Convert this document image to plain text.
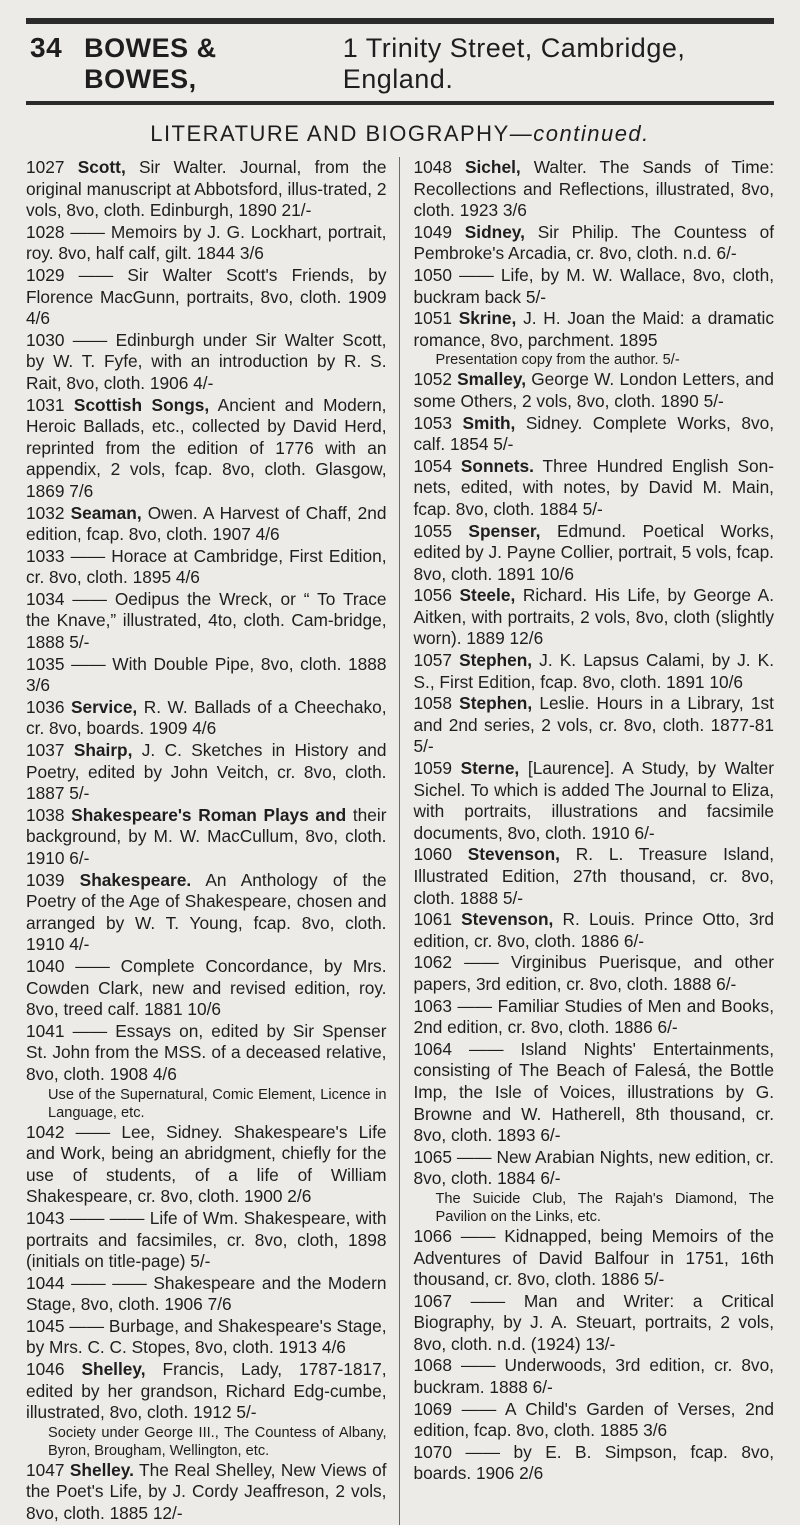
34 BOWES & BOWES,
1 Trinity Street, Cambridge, England.
LITERATURE AND BIOGRAPHY—continued.
1027 Scott, Sir Walter. Journal, from the original manuscript at Abbotsford, illus-trated, 2 vols, 8vo, cloth. Edinburgh, 1890 21/-
1028 —— Memoirs by J. G. Lockhart, portrait, roy. 8vo, half calf, gilt. 1844 3/6
1029 —— Sir Walter Scott's Friends, by Florence MacGunn, portraits, 8vo, cloth. 1909 4/6
1030 —— Edinburgh under Sir Walter Scott, by W. T. Fyfe, with an introduction by R. S. Rait, 8vo, cloth. 1906 4/-
1031 Scottish Songs, Ancient and Modern, Heroic Ballads, etc., collected by David Herd, reprinted from the edition of 1776 with an appendix, 2 vols, fcap. 8vo, cloth. Glasgow, 1869 7/6
1032 Seaman, Owen. A Harvest of Chaff, 2nd edition, fcap. 8vo, cloth. 1907 4/6
1033 —— Horace at Cambridge, First Edition, cr. 8vo, cloth. 1895 4/6
1034 —— Oedipus the Wreck, or “ To Trace the Knave,” illustrated, 4to, cloth. Cam-bridge, 1888 5/-
1035 —— With Double Pipe, 8vo, cloth. 1888 3/6
1036 Service, R. W. Ballads of a Cheechako, cr. 8vo, boards. 1909 4/6
1037 Shairp, J. C. Sketches in History and Poetry, edited by John Veitch, cr. 8vo, cloth. 1887 5/-
1038 Shakespeare's Roman Plays and their background, by M. W. MacCullum, 8vo, cloth. 1910 6/-
1039 Shakespeare. An Anthology of the Poetry of the Age of Shakespeare, chosen and arranged by W. T. Young, fcap. 8vo, cloth. 1910 4/-
1040 —— Complete Concordance, by Mrs. Cowden Clark, new and revised edition, roy. 8vo, treed calf. 1881 10/6
1041 —— Essays on, edited by Sir Spenser St. John from the MSS. of a deceased relative, 8vo, cloth. 1908 4/6
Use of the Supernatural, Comic Element, Licence in Language, etc.
1042 —— Lee, Sidney. Shakespeare's Life and Work, being an abridgment, chiefly for the use of students, of a life of William Shakespeare, cr. 8vo, cloth. 1900 2/6
1043 —— —— Life of Wm. Shakespeare, with portraits and facsimiles, cr. 8vo, cloth, 1898 (initials on title-page) 5/-
1044 —— —— Shakespeare and the Modern Stage, 8vo, cloth. 1906 7/6
1045 —— Burbage, and Shakespeare's Stage, by Mrs. C. C. Stopes, 8vo, cloth. 1913 4/6
1046 Shelley, Francis, Lady, 1787-1817, edited by her grandson, Richard Edg-cumbe, illustrated, 8vo, cloth. 1912 5/-
Society under George III., The Countess of Albany, Byron, Brougham, Wellington, etc.
1047 Shelley. The Real Shelley, New Views of the Poet's Life, by J. Cordy Jeaffreson, 2 vols, 8vo, cloth. 1885 12/-
1048 Sichel, Walter. The Sands of Time: Recollections and Reflections, illustrated, 8vo, cloth. 1923 3/6
1049 Sidney, Sir Philip. The Countess of Pembroke's Arcadia, cr. 8vo, cloth. n.d. 6/-
1050 —— Life, by M. W. Wallace, 8vo, cloth, buckram back 5/-
1051 Skrine, J. H. Joan the Maid: a dramatic romance, 8vo, parchment. 1895
Presentation copy from the author. 5/-
1052 Smalley, George W. London Letters, and some Others, 2 vols, 8vo, cloth. 1890 5/-
1053 Smith, Sidney. Complete Works, 8vo, calf. 1854 5/-
1054 Sonnets. Three Hundred English Son-nets, edited, with notes, by David M. Main, fcap. 8vo, cloth. 1884 5/-
1055 Spenser, Edmund. Poetical Works, edited by J. Payne Collier, portrait, 5 vols, fcap. 8vo, cloth. 1891 10/6
1056 Steele, Richard. His Life, by George A. Aitken, with portraits, 2 vols, 8vo, cloth (slightly worn). 1889 12/6
1057 Stephen, J. K. Lapsus Calami, by J. K. S., First Edition, fcap. 8vo, cloth. 1891 10/6
1058 Stephen, Leslie. Hours in a Library, 1st and 2nd series, 2 vols, cr. 8vo, cloth. 1877-81 5/-
1059 Sterne, [Laurence]. A Study, by Walter Sichel. To which is added The Journal to Eliza, with portraits, illustrations and facsimile documents, 8vo, cloth. 1910 6/-
1060 Stevenson, R. L. Treasure Island, Illustrated Edition, 27th thousand, cr. 8vo, cloth. 1888 5/-
1061 Stevenson, R. Louis. Prince Otto, 3rd edition, cr. 8vo, cloth. 1886 6/-
1062 —— Virginibus Puerisque, and other papers, 3rd edition, cr. 8vo, cloth. 1888 6/-
1063 —— Familiar Studies of Men and Books, 2nd edition, cr. 8vo, cloth. 1886 6/-
1064 —— Island Nights' Entertainments, consisting of The Beach of Falesá, the Bottle Imp, the Isle of Voices, illustrations by G. Browne and W. Hatherell, 8th thousand, cr. 8vo, cloth. 1893 6/-
1065 —— New Arabian Nights, new edition, cr. 8vo, cloth. 1884 6/-
The Suicide Club, The Rajah's Diamond, The Pavilion on the Links, etc.
1066 —— Kidnapped, being Memoirs of the Adventures of David Balfour in 1751, 16th thousand, cr. 8vo, cloth. 1886 5/-
1067 —— Man and Writer: a Critical Biography, by J. A. Steuart, portraits, 2 vols, 8vo, cloth. n.d. (1924) 13/-
1068 —— Underwoods, 3rd edition, cr. 8vo, buckram. 1888 6/-
1069 —— A Child's Garden of Verses, 2nd edition, fcap. 8vo, cloth. 1885 3/6
1070 —— by E. B. Simpson, fcap. 8vo, boards. 1906 2/6
